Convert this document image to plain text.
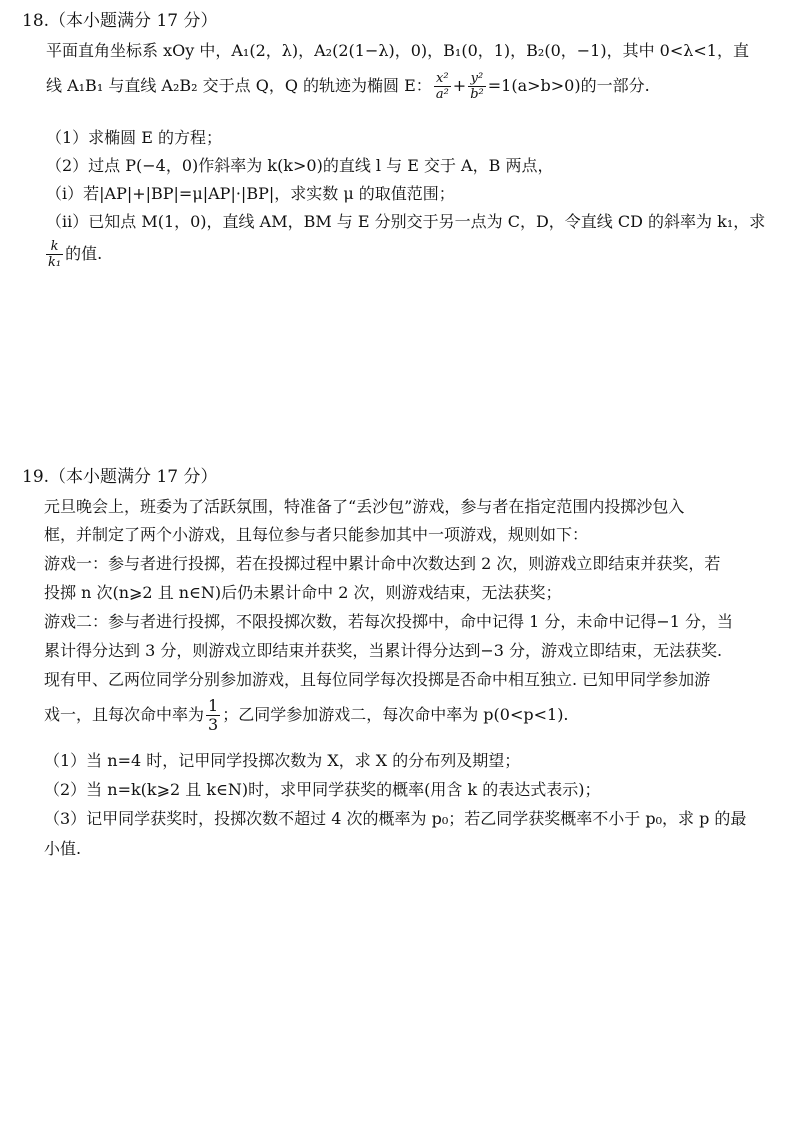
18.（本小题满分 17 分）
平面直角坐标系 xOy 中，A₁(2，λ)，A₂(2(1−λ)，0)，B₁(0，1)，B₂(0，−1)，其中 0<λ<1，直
线 A₁B₁ 与直线 A₂B₂ 交于点 Q，Q 的轨迹为椭圆 E： $\frac{\text{x²}}{\text{a²}} + \frac{\text{y²}}{\text{b²}} =1(a>b>0)$的一部分.
（1）求椭圆 E 的方程；
（2）过点 P(−4，0)作斜率为 k(k>0)的直线 l 与 E 交于 A，B 两点，
（i）若|AP|+|BP|=μ|AP|·|BP|，求实数 μ 的取值范围；
（ii）已知点 M(1，0)，直线 AM，BM 与 E 分别交于另一点为 C，D，令直线 CD 的斜率为 k₁，求
$\frac{k}{\text{k₁}}$ 的值.
19.（本小题满分 17 分）
元旦晚会上，班委为了活跃氛围，特准备了“丢沙包”游戏，参与者在指定范围内投掷沙包入
框，并制定了两个小游戏，且每位参与者只能参加其中一项游戏，规则如下：
游戏一：参与者进行投掷，若在投掷过程中累计命中次数达到 2 次，则游戏立即结束并获奖，若
投掷 n 次(n⩾2 且 n∈N)后仍未累计命中 2 次，则游戏结束，无法获奖；
游戏二：参与者进行投掷，不限投掷次数，若每次投掷中，命中记得 1 分，未命中记得−1 分，当
累计得分达到 3 分，则游戏立即结束并获奖，当累计得分达到−3 分，游戏立即结束，无法获奖.
现有甲、乙两位同学分别参加游戏，且每位同学每次投掷是否命中相互独立. 已知甲同学参加游
戏一，且每次命中率为 $\frac{1}{3}$ ；乙同学参加游戏二，每次命中率为 p(0<p<1).
（1）当 n=4 时，记甲同学投掷次数为 X，求 X 的分布列及期望；
（2）当 n=k(k⩾2 且 k∈N)时，求甲同学获奖的概率(用含 k 的表达式表示)；
（3）记甲同学获奖时，投掷次数不超过 4 次的概率为 p₀；若乙同学获奖概率不小于 p₀，求 p 的最
小值.
